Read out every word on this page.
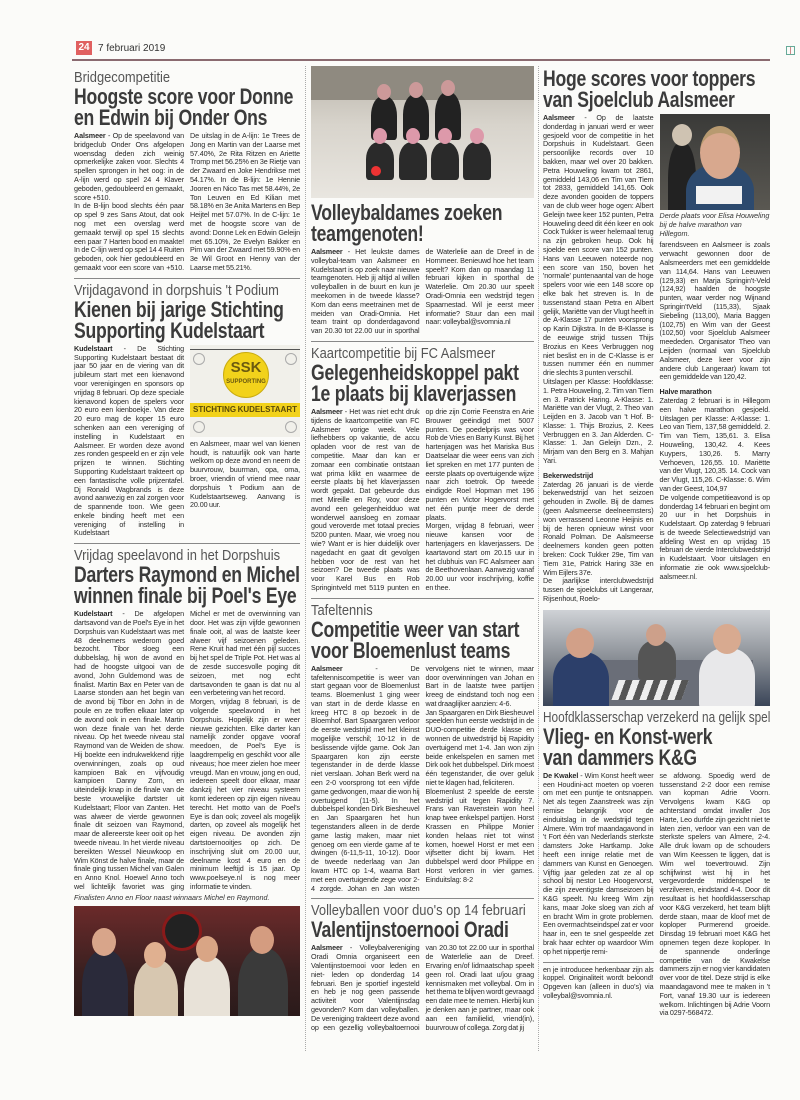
24 7 februari 2019
Bridgecompetitie
Hoogste score voor Donne
en Edwin bij Onder Ons

Aalsmeer - Op de speelavond van bridgeclub Onder Ons afgelopen woensdag deden zich weinig opmerkelijke zaken voor. Slechts 4 spellen sprongen in het oog: in de A-lijn werd op spel 24 4 Klaver geboden, gedoubleerd en gemaakt, score +510.

In de B-lijn bood slechts één paar op spel 9 zes Sans Atout, dat ook nog met een overslag werd gemaakt terwijl op spel 15 slechts een paar 7 Harten bood en maakte! In de C-lijn werd op spel 14 4 Ruiten geboden, ook hier gedoubleerd en gemaakt voor een score van +510. De uitslag in de A-lijn: 1e Trees de Jong en Martin van der Laarse met 57.40%, 2e Rita Ritzen en Ariette Tromp met 56.25% en 3e Rietje van der Zwaard en Joke Hendrikse met 54.17%. In de B-lijn: 1e Hennie Jooren en Nico Tas met 58.44%, 2e Ton Leuven en Ed Kilian met 58.18% en 3e Anita Martens en Bep Heijtel met 57.07%. In de C-lijn: 1e met de hoogste score van de avond: Donne Lek en Edwin Geleijn met 65.10%, 2e Evelyn Bakker en Pim van der Zwaard met 59.90% en 3e Wil Groot en Henny van der Laarse met 55.21%.

Vrijdagavond in dorpshuis 't Podium
Kienen bij jarige Stichting
Supporting Kudelstaart

Kudelstaart - De Stichting Supporting Kudelstaart bestaat dit jaar 50 jaar en de viering van dit jubileum start met een kienavond voor verenigingen en sponsors op vrijdag 8 februari. Op deze speciale kienavond kopen de spelers voor 20 euro een kienboekje. Van deze 20 euro mag de koper 15 euro schenken aan een vereniging of instelling in Kudelstaart en Aalsmeer. Er worden deze avond zes ronden gespeeld en er zijn vele prijzen te winnen. Stichting Supporting Kudelstaart trakteert op een fantastische volle prijzentafel. Dj Ronald Wagbrands is deze avond aanwezig en zal zorgen voor de spannende toon. Wie geen enkele binding heeft met een vereniging of instelling in Kudelstaart

SSK
SUPPORTING
STICHTING KUDELSTAART

en Aalsmeer, maar wel van kienen houdt, is natuurlijk ook van harte welkom op deze avond en neem de buurvrouw, buurman, opa, oma, broer, vriendin of vriend mee naar dorpshuis 't Podium aan de Kudelstaartseweg. Aanvang is 20.00 uur.

Vrijdag speelavond in het Dorpshuis
Darters Raymond en Michel
winnen finale bij Poel's Eye

Kudelstaart - De afgelopen dartsavond van de Poel's Eye in het Dorpshuis van Kudelstaart was met 48 deelnemers wederom goed bezocht. Tibor sloeg een dubbelslag, hij won de avond en had de hoogste uitgooi van de avond, John Guldemond was de finalist. Martin Bax en Peter van de Laarse stonden aan het begin van de avond bij Tibor en John in de poule en ze troffen elkaar later op de avond ook in een finale. Martin won deze finale van het derde niveau. Op het tweede niveau stal Raymond van de Weiden de show. Hij boekte een indrukwekkend rijtje overwinningen, zoals op oud kampioen Bak en vijfvoudig kampioen Danny Zorn, en uiteindelijk knap in de finale van de beste vrouwelijke dartster uit Kudelstaart; Floor van Zanten. Het was alweer de vierde gewonnen finale dit seizoen van Raymond, maar de allereerste keer ooit op het tweede niveau. In het vierde niveau bereikten Wessel Nieuwkoop en Wim Könst de halve finale, maar de finale ging tussen Michel van Galen en Anno Knol. Hoewel Anno toch wel lichtelijk favoriet was ging Michel er met de overwinning van door. Het was zijn vijfde gewonnen finale ooit, al was de laatste keer alweer vijf seizoenen geleden. Rene Kruit had met één pijl succes bij het spel de Triple Pot. Het was al de zesde succesvolle poging dit seizoen, met nog echt dartsavonden te gaan is dat nu al een verbetering van het record.

Morgen, vrijdag 8 februari, is de volgende speelavond in het Dorpshuis. Hopelijk zijn er weer nieuwe gezichten. Elke darter kan namelijk zonder opgave vooraf meedoen, de Poel's Eye is laagdrempelig en geschikt voor alle niveaus; hoe meer zielen hoe meer vreugd. Man en vrouw, jong en oud, iedereen speelt door elkaar, maar dankzij het vier niveau systeem komt iedereen op zijn eigen niveau terecht. Het motto van de Poel's Eye is dan ook; zoveel als mogelijk darten, op zoveel als mogelijk het eigen niveau. De avonden zijn dartstoernooitjes op zich. De inschrijving sluit om 20.00 uur, deelname kost 4 euro en de minimum leeftijd is 15 jaar. Op www.poelseye.nl is nog meer informatie te vinden.

Finalisten Anno en Floor naast winnaars Michel en Raymond.
Volleybaldames zoeken
teamgenoten!

Aalsmeer - Het leukste dames volleybal-team van Aalsmeer en Kudelstaart is op zoek naar nieuwe teamgenoten. Heb jij altijd al willen volleyballen in de buurt en kun je meekomen in de tweede klasse? Kom dan eens meetrainen met de meiden van Oradi-Omnia. Het team traint op donderdagavond van 20.30 tot 22.00 uur in sporthal de Waterlelie aan de Dreef in de Hornmeer. Benieuwd hoe het team speelt? Kom dan op maandag 11 februari kijken in sporthal de Waterlelie. Om 20.30 uur speelt Oradi-Omnia een wedstrijd tegen Spaarnestad. Wil je eerst meer informatie? Stuur dan een mail naar: volleybal@svomnia.nl

Kaartcompetitie bij FC Aalsmeer
Gelegenheidskoppel pakt
1e plaats bij klaverjassen

Aalsmeer - Het was niet echt druk tijdens de kaartcompetitie van FC Aalsmeer vorige week. Vele liefhebbers op vakantie, de accu opladen voor de rest van de competitie. Maar dan kan er zomaar een combinatie ontstaan wat prima klikt en waarmee de eerste plaats bij het klaverjassen wordt gepakt. Dat gebeurde dus met Mireille en Roy, voor deze avond een gelegenheidduo wat wonderwel aansloeg en zomaar goud veroverde met totaal precies 5200 punten. Maar, wie vroeg nou wie? Want er is hier duidelijk over nagedacht en gaat dit gevolgen hebben voor de rest van het seizoen? De tweede plaats was voor Karel Bus en Rob Springintveld met 5119 punten en op drie zijn Corrie Feenstra en Arie Brouwer geëindigd met 5007 punten. De poedelprijs was voor Rob de Vries en Barry Kunst. Bij het hartenjagen was het Mariska Bus Daatselaar die weer eens van zich liet spreken en met 177 punten de eerste plaats op overtuigende wijze naar zich toetrok. Op tweede eindigde Roel Hopman met 196 punten en Victor Hogervorst met net één puntje meer de derde plaats.

Morgen, vrijdag 8 februari, weer nieuwe kansen voor de hartenjagers en klaverjassers. De kaartavond start om 20.15 uur in het clubhuis van FC Aalsmeer aan de Beethovenlaan. Aanwezig vanaf 20.00 uur voor inschrijving, koffie en thee.

Tafeltennis
Competitie weer van start
voor Bloemenlust teams

Aalsmeer - De tafeltenniscompetitie is weer van start gegaan voor de Bloemenlust teams. Bloemenlust 1 ging weer van start in de derde klasse en kreeg HTC 8 op bezoek in de Bloemhof. Bart Spaargaren verloor de eerste wedstrijd met het kleinst mogelijke verschil; 10-12 in de beslissende vijfde game. Ook Jan Spaargaren kon zijn eerste tegenstander in de derde klasse niet verslaan. Johan Berk werd na een 2-0 voorsprong tot een vijfde game gedwongen, maar die won hij overtuigend (11-5). In het dubbelspel konden Dirk Biesheuvel en Jan Spaargaren het hun tegenstanders alleen in de derde game lastig maken, maar niet genoeg om een vierde game af te dwingen (6-11,5-11, 10-12). Door de tweede nederlaag van Jan kwam HTC op 1-4, waarna Bart met een overtuigende zege voor 2-4 zorgde. Johan en Jan wisten vervolgens niet te winnen, maar door overwinningen van Johan en Bart in de laatste twee partijen kreeg de eindstand toch nog een wat draaglijker aanzien: 4-6.

Jan Spaargaren en Dirk Biesheuvel speelden hun eerste wedstrijd in de DUO-competitie derde klasse en wonnen de uitwedstrijd bij Rapidity overtuigend met 1-4. Jan won zijn beide enkelspelen en samen met Dirk ook het dubbelspel. Dirk moest één tegenstander, die over geluk niet te klagen had, feliciteren.

Bloemenlust 2 speelde de eerste wedstrijd uit tegen Rapidity 7. Frans van Ravenstein won heel knap twee enkelspel partijen. Horst Krassen en Philippe Monier konden helaas niet tot winst komen, hoewel Horst er met een vijfsetter dicht bij kwam. Het dubbelspel werd door Philippe en Horst verloren in vier games. Einduitslag: 8-2

Volleyballen voor duo's op 14 februari
Valentijnstoernooi Oradi

Aalsmeer - Volleybalvereniging Oradi Omnia organiseert een Valentijnstoernooi voor leden en niet- leden op donderdag 14 februari. Ben je sportief ingesteld en heb je nog geen passende activiteit voor Valentijnsdag gevonden? Kom dan volleyballen. De vereniging trakteert deze avond op een gezellig volleybaltoernooi van 20.30 tot 22.00 uur in sporthal de Waterlelie aan de Dreef. Ervaring en/of lidmaatschap speelt geen rol. Oradi laat u/jou graag kennismaken met volleybal. Om in het thema te blijven wordt gevraagd een date mee te nemen. Hierbij kun je denken aan je partner, maar ook aan een familielid, vriend(in), buurvrouw of collega. Zorg dat jij

Hoge scores voor toppers
van Sjoelclub Aalsmeer

Aalsmeer - Op de laatste donderdag in januari werd er weer gesjoeld voor de competitie in het Dorpshuis in Kudelstaart. Geen persoonlijke records over 10 bakken, maar wel over 20 bakken. Petra Houweling kwam tot 2861, gemiddeld 143,06 en Tim van Tiem tot 2833, gemiddeld 141,65. Ook deze avonden gooiden de toppers van de club weer hoge ogen: Albert Geleijn twee keer 152 punten, Petra Houweling deed dit één keer en ook Cock Tukker is weer helemaal terug na zijn gebroken heup. Ook hij sjoelde een score van 152 punten. Hans van Leeuwen noteerde nog een score van 150, boven het 'normale' puntenaantal van de hoge spelers voor wie een 148 score op elke bak het streven is. In de tussenstand staan Petra en Albert gelijk, Mariëtte van der Vlugt heeft in de A-Klasse 17 punten voorsprong op Karin Dijkstra. In de B-Klasse is de eeuwige strijd tussen Thijs Brozius en Kees Verbruggen nog niet beslist en in de C-Klasse is er tussen nummer één en nummer drie slechts 3 punten verschil.

Uitslagen per Klasse: Hoofdklasse: 1. Petra Houweling, 2. Tim van Tiem en 3. Patrick Haring. A-Klasse: 1. Mariëtte van der Vlugt, 2. Theo van Leijden en 3. Jacob van 't Hof. B-Klasse: 1. Thijs Brozius, 2. Kees Verbruggen en 3. Jan Alderden. C-Klasse: 1. Jan Geleijn Dzn., 2. Mirjam van den Berg en 3. Mahjan Yari.

Bekerwedstrijd

Zaterdag 26 januari is de vierde bekerwedstrijd van het seizoen gehouden in Zwolle. Bij de dames (geen Aalsmeerse deelneemsters) won verrassend Leonne Heijnis en bij de heren opnieuw winst voor Ronald Polman. De Aalsmeerse deelnemers konden geen potten breken: Cock Tukker 29e, Tim van Tiem 31e, Patrick Haring 33e en Wim Eijlers 37e.

De jaarlijkse interclubwedstrijd tussen de sjoelclubs uit Langeraar, Rijsenhout, Roelo-

Derde plaats voor Elisa Houweling bij de halve marathon van Hillegom.

farendsveen en Aalsmeer is zoals verwacht gewonnen door de Aalsmeerders met een gemiddelde van 114,64. Hans van Leeuwen (129,33) en Marja Springin't-Veld (124,92) haalden de hoogste punten, waar verder nog Wijnand Springin'tVeld (115,33), Sjaak Siebeling (113,00), Maria Baggen (102,75) en Wim van der Geest (102,50) voor Sjoelclub Aalsmeer meededen. Organisator Theo van Leijden (normaal van Sjoelclub Aalsmeer, deze keer voor zijn andere club Langeraar) kwam tot een gemiddelde van 120,42.

Halve marathon

Zaterdag 2 februari is in Hillegom een halve marathon gesjoeld. Uitslagen per Klasse: A-Klasse: 1. Leo van Tiem, 137,58 gemiddeld. 2. Tim van Tiem, 135,61. 3. Elisa Houweling, 130,42. 4. Kees Kuypers, 130,26. 5. Marry Verhoeven, 126,55. 10. Mariëtte van der Vlugt, 120,35. 14. Cock van der Vlugt, 115,26. C-Klasse: 6. Wim van der Geest, 104,97

De volgende competitieavond is op donderdag 14 februari en begint om 20 uur in het Dorpshuis in Kudelstaart. Op zaterdag 9 februari is de tweede Selectiewedstrijd van afdeling West en op vrijdag 15 februari de vierde Interclubwedstrijd in Kudelstaart. Voor uitslagen en informatie zie ook www.sjoelclub-aalsmeer.nl.

Hoofdklasserschap verzekerd na gelijk spel
Vlieg- en Konst-werk
van dammers K&G

De Kwakel - Wim Konst heeft weer een Houdini-act moeten op voeren om met een puntje te ontsnappen. Net als tegen Zaanstreek was zijn remise belangrijk voor de einduitslag in de wedstrijd tegen Almere. Wim trof maandagavond in 't Fort één van Nederlands sterkste damsters Joke Hartkamp. Joke heeft een innige relatie met de dammers van Kunst en Genoegen. Vijftig jaar geleden zat ze al op school bij nestor Leo Hoogervorst, die zijn zeventigste damseizoen bij K&G speelt. Nu kreeg Wim zijn kans, maar Joke sloeg van zich af en bracht Wim in grote problemen. Een overmachtseindspel zat er voor haar in, een te snel gespeelde zet brak haar echter op waardoor Wim op het nippertje remi-

en je introducee herkenbaar zijn als koppel. Originaliteit wordt beloond! Opgeven kan (alleen in duo's) via volleybal@svomnia.nl.

se afdwong. Spoedig werd de tussenstand 2-2 door een remise van kopman Adrie Voorn. Vervolgens kwam K&G op achterstand omdat invaller Jos Harte, Leo durfde zijn gezicht niet te laten zien, verloor van een van de sterkste spelers van Almere, 2-4. Alle druk kwam op de schouders van Wim Keessen te liggen, dat is Wim wel toevertrouwd. Zijn schijfwinst wist hij in het vergevorderde middenspel te verzilveren, eindstand 4-4. Door dit resultaat is het hoofdklasserschap voor K&G verzekerd, het team blijft derde staan, maar de kloof met de koploper Purmerend groeide. Dinsdag 19 februari moet K&G het opnemen tegen deze koploper. In de spannende onderlinge competitie van de Kwakelse dammers zijn er nog vier kandidaten over voor de titel. Deze strijd is elke maandagavond mee te maken in 't Fort, vanaf 19.30 uur is iedereen welkom. Inlichtingen bij Adrie Voorn via 0297-568472.
